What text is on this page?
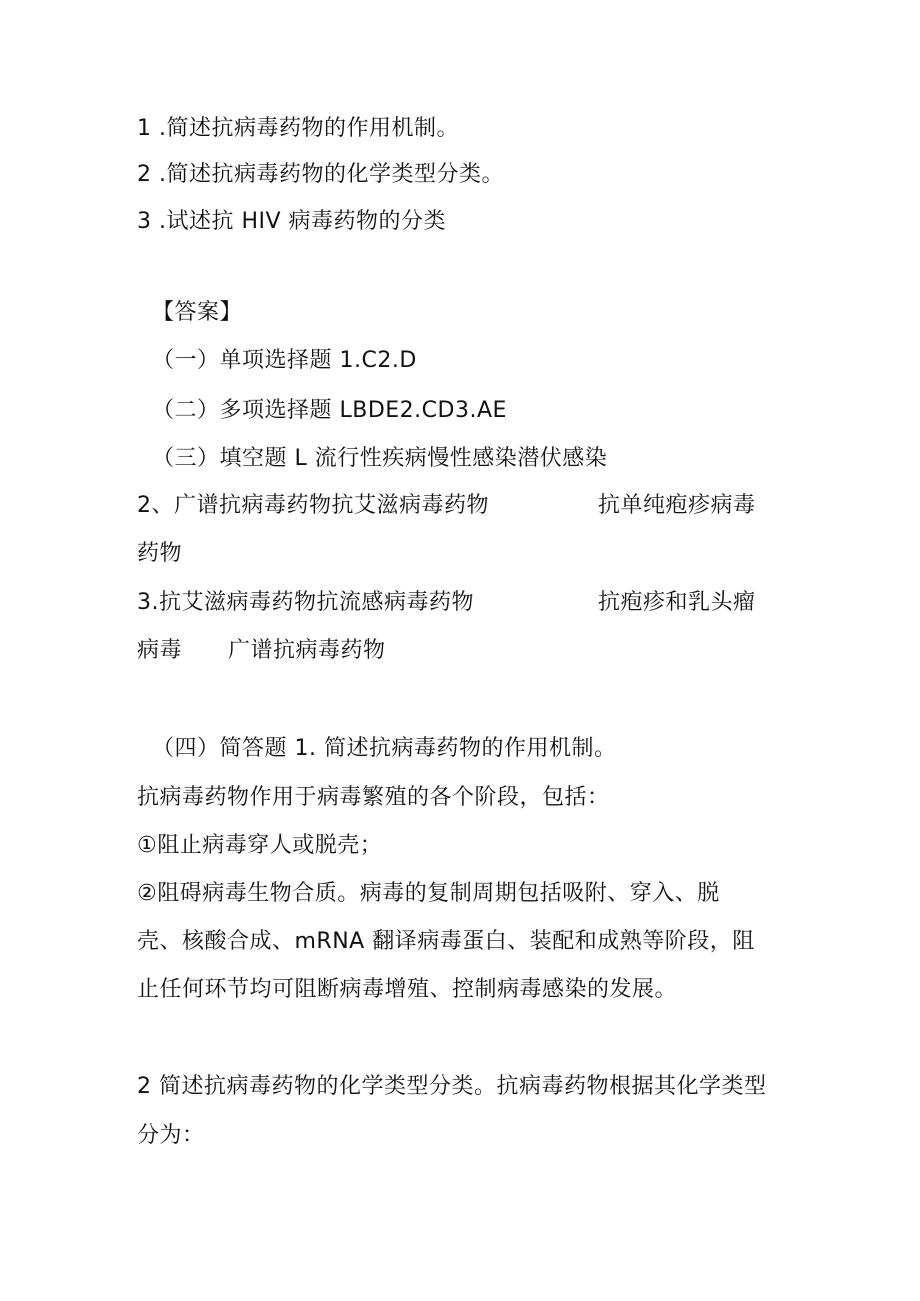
1 .简述抗病毒药物的作用机制。
2 .简述抗病毒药物的化学类型分类。
3 .试述抗 HIV 病毒药物的分类
【答案】
（一）单项选择题 1.C2.D
（二）多项选择题 LBDE2.CD3.AE
（三）填空题 L 流行性疾病慢性感染潜伏感染
2、广谱抗病毒药物抗艾滋病毒药物	抗单纯疱疹病毒
药物
3.抗艾滋病毒药物抗流感病毒药物	抗疱疹和乳头瘤
病毒 广谱抗病毒药物
（四）简答题 1. 简述抗病毒药物的作用机制。
抗病毒药物作用于病毒繁殖的各个阶段，包括：
①阻止病毒穿人或脱壳；
②阻碍病毒生物合质。病毒的复制周期包括吸附、穿入、脱
壳、核酸合成、mRNA 翻译病毒蛋白、装配和成熟等阶段，阻
止任何环节均可阻断病毒增殖、控制病毒感染的发展。
2 简述抗病毒药物的化学类型分类。抗病毒药物根据其化学类型
分为：
